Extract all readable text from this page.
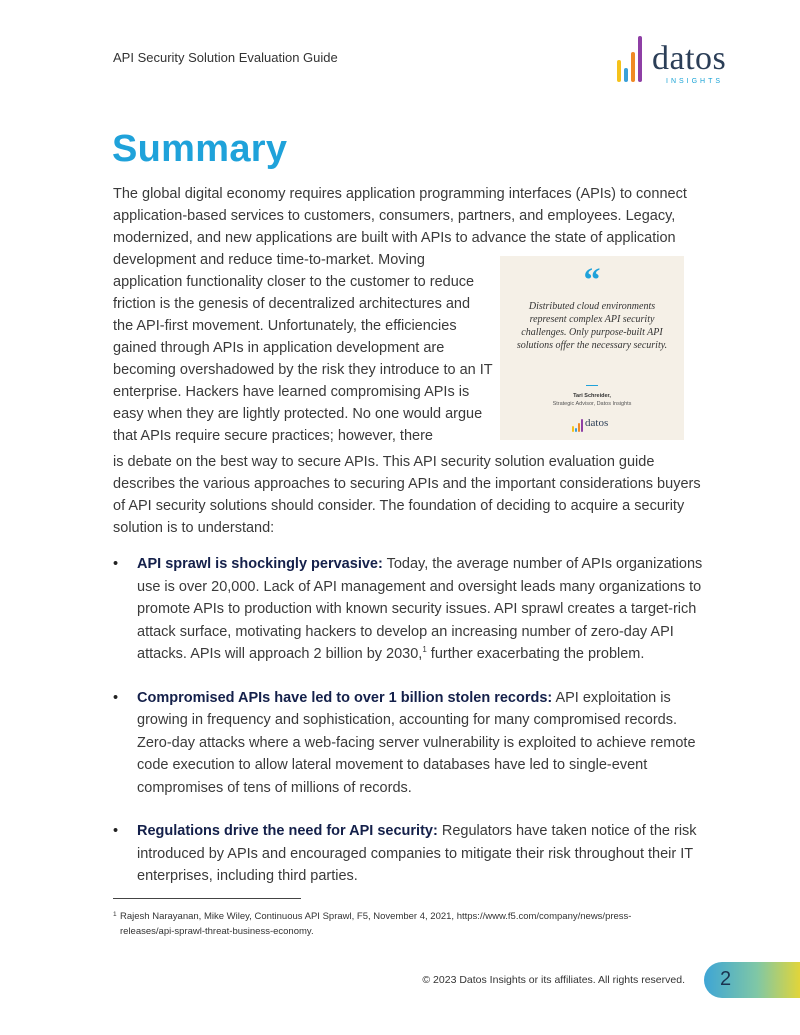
API Security Solution Evaluation Guide	datos
INSIGHTS
Summary

The global digital economy requires application programming interfaces (APIs) to connect application-based services to customers, consumers, partners, and employees. Legacy, modernized, and new applications are built with APIs to advance the state of application

development and reduce time-to-market. Moving application functionality closer to the customer to reduce friction is the genesis of decentralized architectures and the API-first movement. Unfortunately, the efficiencies gained through APIs in application development are becoming overshadowed by the risk they introduce to an IT enterprise. Hackers have learned compromising APIs is easy when they are lightly protected. No one would argue that APIs require secure practices; however, there

is debate on the best way to secure APIs. This API security solution evaluation guide describes the various approaches to securing APIs and the important considerations buyers of API security solutions should consider. The foundation of deciding to acquire a security solution is to understand:

“
Distributed cloud environments represent complex API security challenges. Only purpose-built API solutions offer the necessary security.
Tari Schreider,
Strategic Advisor, Datos Insights
datos
• API sprawl is shockingly pervasive: Today, the average number of APIs organizations use is over 20,000. Lack of API management and oversight leads many organizations to promote APIs to production with known security issues. API sprawl creates a target-rich attack surface, motivating hackers to develop an increasing number of zero-day API attacks. APIs will approach 2 billion by 2030,$^1$ further exacerbating the problem.
• Compromised APIs have led to over 1 billion stolen records: API exploitation is growing in frequency and sophistication, accounting for many compromised records. Zero-day attacks where a web-facing server vulnerability is exploited to achieve remote code execution to allow lateral movement to databases have led to single-event compromises of tens of millions of records.
• Regulations drive the need for API security: Regulators have taken notice of the risk introduced by APIs and encouraged companies to mitigate their risk throughout their IT enterprises, including third parties.
1 Rajesh Narayanan, Mike Wiley, Continuous API Sprawl, F5, November 4, 2021, https://www.f5.com/company/news/press-releases/api-sprawl-threat-business-economy.
© 2023 Datos Insights or its affiliates. All rights reserved. 2
